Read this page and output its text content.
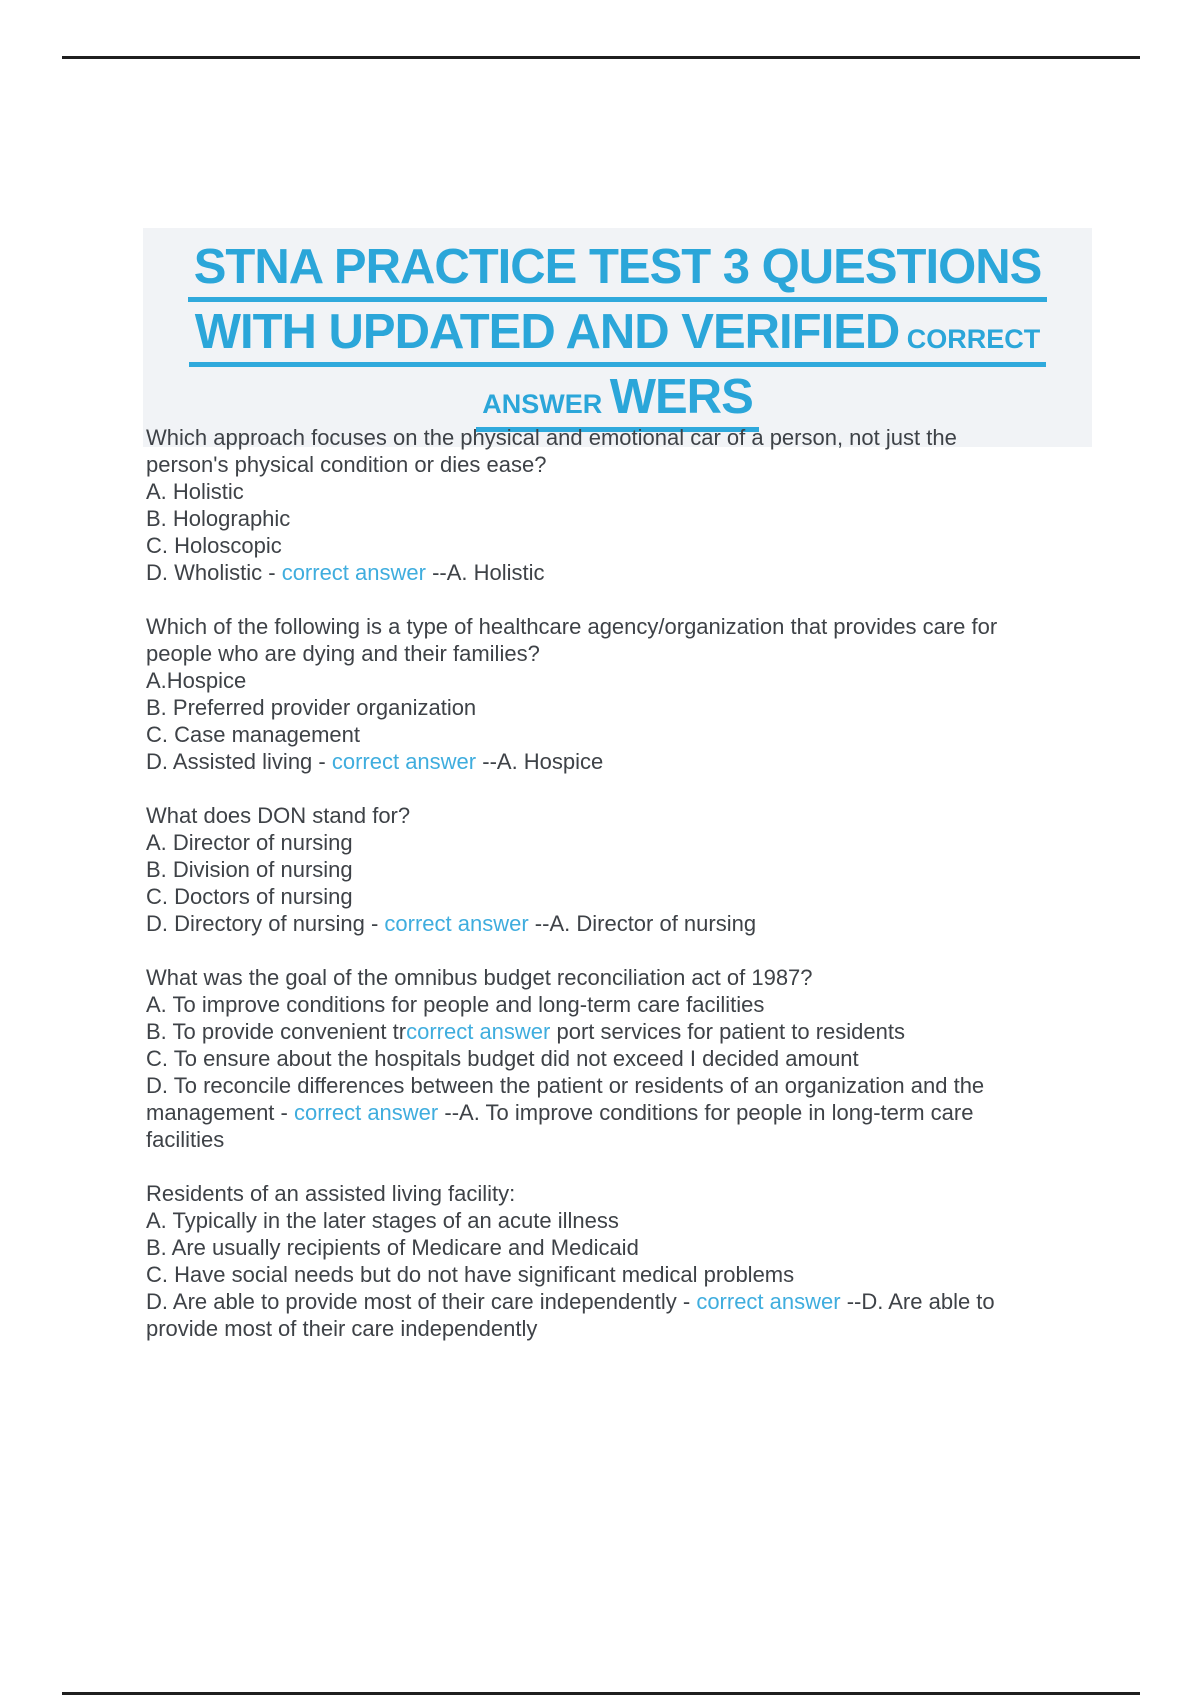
STNA PRACTICE TEST 3 QUESTIONS
WITH UPDATED AND VERIFIED CORRECT
ANSWER WERS
Which approach focuses on the physical and emotional car of a person, not just the
person's physical condition or dies ease?
A. Holistic
B. Holographic
C. Holoscopic
D. Wholistic - correct answer --A. Holistic
Which of the following is a type of healthcare agency/organization that provides care for
people who are dying and their families?
A.Hospice
B. Preferred provider organization
C. Case management
D. Assisted living - correct answer --A. Hospice
What does DON stand for?
A. Director of nursing
B. Division of nursing
C. Doctors of nursing
D. Directory of nursing - correct answer --A. Director of nursing
What was the goal of the omnibus budget reconciliation act of 1987?
A. To improve conditions for people and long-term care facilities
B. To provide convenient trcorrect answer port services for patient to residents
C. To ensure about the hospitals budget did not exceed I decided amount
D. To reconcile differences between the patient or residents of an organization and the
management - correct answer --A. To improve conditions for people in long-term care
facilities
Residents of an assisted living facility:
A. Typically in the later stages of an acute illness
B. Are usually recipients of Medicare and Medicaid
C. Have social needs but do not have significant medical problems
D. Are able to provide most of their care independently - correct answer --D. Are able to
provide most of their care independently
